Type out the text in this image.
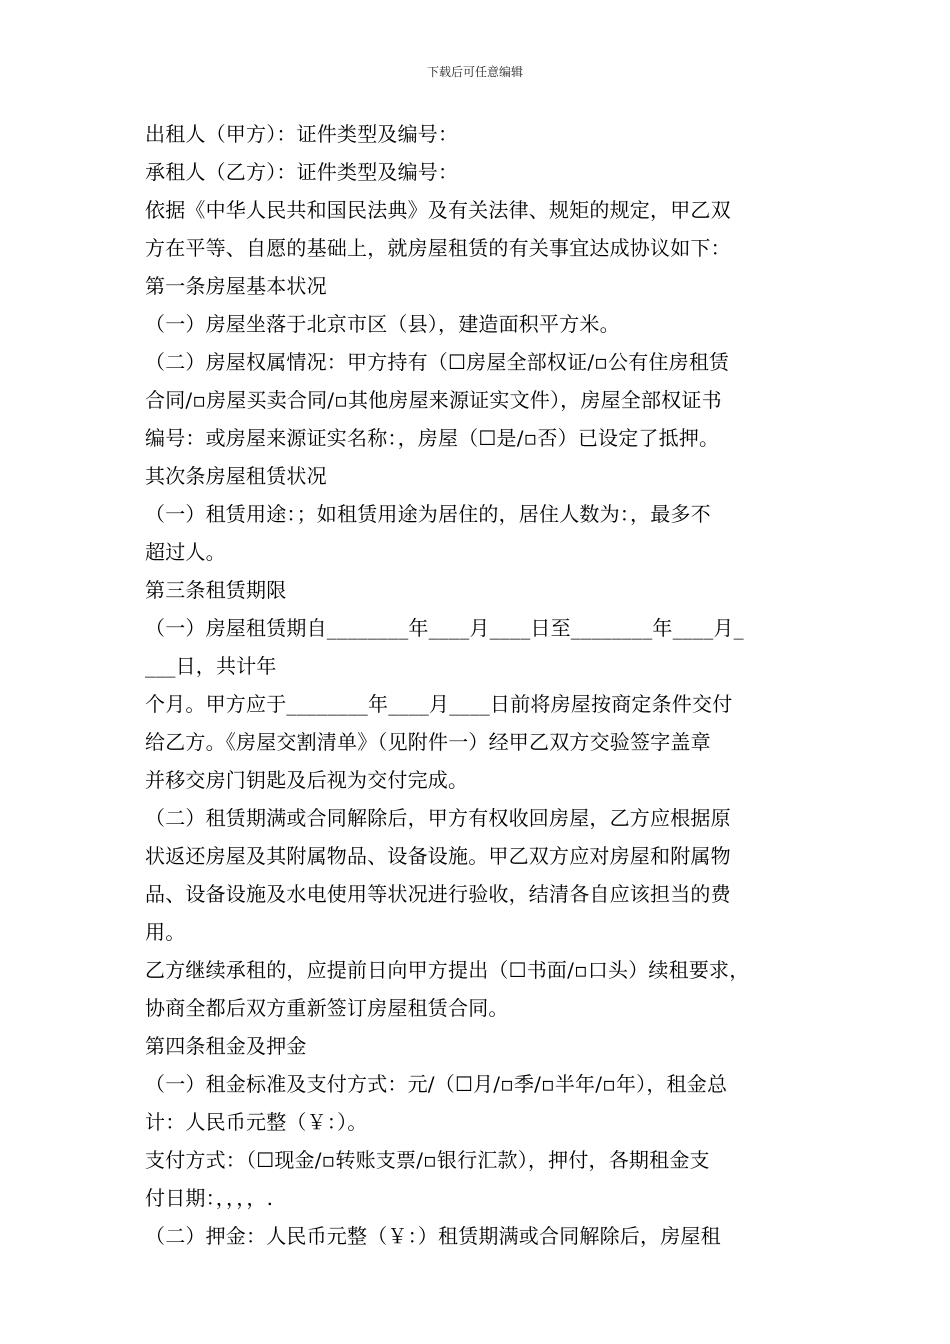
下载后可任意编辑
出租人（甲方）：证件类型及编号：
承租人（乙方）：证件类型及编号：
依据《中华人民共和国民法典》及有关法律、规矩的规定，甲乙双
方在平等、自愿的基础上，就房屋租赁的有关事宜达成协议如下：
第一条房屋基本状况
（一）房屋坐落于北京市区（县），建造面积平方米。
（二）房屋权属情况：甲方持有（☐房屋全部权证/▫公有住房租赁
合同/▫房屋买卖合同/▫其他房屋来源证实文件），房屋全部权证书
编号：或房屋来源证实名称：，房屋（☐是/▫否）已设定了抵押。
其次条房屋租赁状况
（一）租赁用途：；如租赁用途为居住的，居住人数为：，最多不
超过人。
第三条租赁期限
（一）房屋租赁期自________年____月____日至________年____月_
___日，共计年
个月。甲方应于________年____月____日前将房屋按商定条件交付
给乙方。《房屋交割清单》（见附件一）经甲乙双方交验签字盖章
并移交房门钥匙及后视为交付完成。
（二）租赁期满或合同解除后，甲方有权收回房屋，乙方应根据原
状返还房屋及其附属物品、设备设施。甲乙双方应对房屋和附属物
品、设备设施及水电使用等状况进行验收，结清各自应该担当的费
用。
乙方继续承租的，应提前日向甲方提出（☐书面/▫口头）续租要求，
协商全都后双方重新签订房屋租赁合同。
第四条租金及押金
（一）租金标准及支付方式：元/（☐月/▫季/▫半年/▫年），租金总
计：人民币元整（￥：）。
支付方式：（☐现金/▫转账支票/▫银行汇款），押付，各期租金支
付日期：，，，，.
（二）押金：人民币元整（￥：）租赁期满或合同解除后，房屋租
